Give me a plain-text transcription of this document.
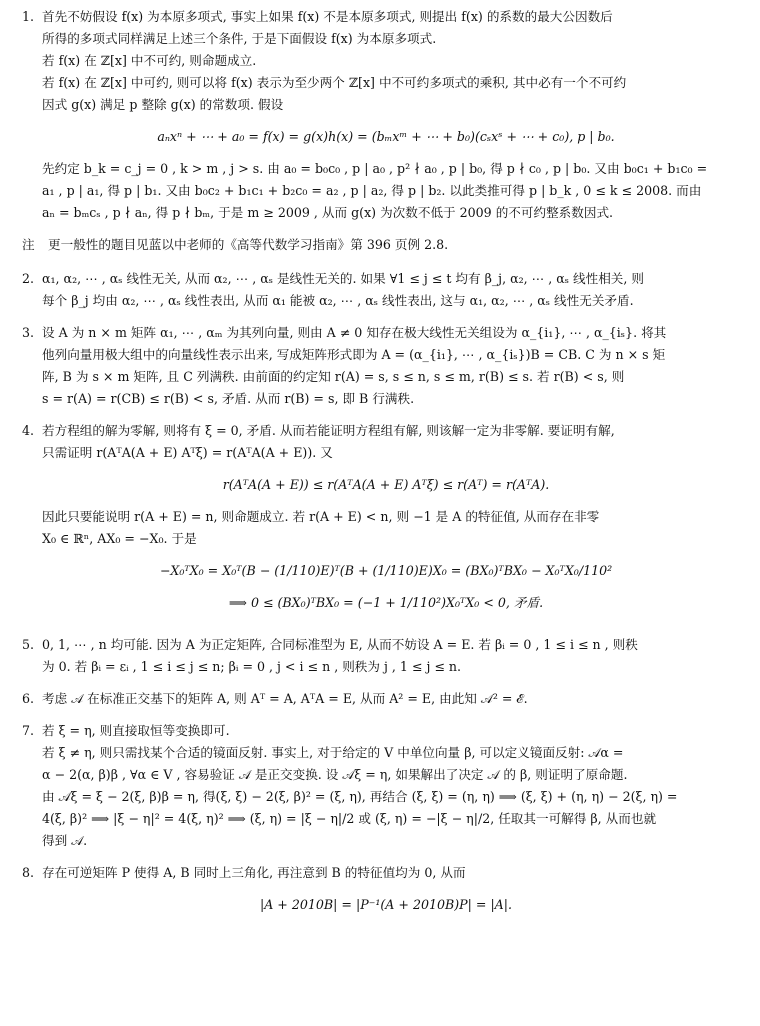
1. 首先不妨假设 f(x) 为本原多项式, 事实上如果 f(x) 不是本原多项式, 则提出 f(x) 的系数的最大公因数后
所得的多项式同样满足上述三个条件, 于是下面假设 f(x) 为本原多项式.
若 f(x) 在 ℤ[x] 中不可约, 则命题成立.
若 f(x) 在 ℤ[x] 中可约, 则可以将 f(x) 表示为至少两个 ℤ[x] 中不可约多项式的乘积, 其中必有一个不可约
因式 g(x) 满足 p 整除 g(x) 的常数项. 假设
aₙxⁿ + ⋯ + a₀ = f(x) = g(x)h(x) = (bₘxᵐ + ⋯ + b₀)(cₛxˢ + ⋯ + c₀), p | b₀.
先约定 b_k = c_j = 0 , k > m , j > s. 由 a₀ = b₀c₀ , p | a₀ , p² ∤ a₀ , p | b₀, 得 p ∤ c₀ , p | b₀. 又由 b₀c₁ + b₁c₀ =
a₁ , p | a₁, 得 p | b₁. 又由 b₀c₂ + b₁c₁ + b₂c₀ = a₂ , p | a₂, 得 p | b₂. 以此类推可得 p | b_k , 0 ≤ k ≤ 2008. 而由
aₙ = bₘcₛ , p ∤ aₙ, 得 p ∤ bₘ, 于是 m ≥ 2009 , 从而 g(x) 为次数不低于 2009 的不可约整系数因式.
注	更一般性的题目见蓝以中老师的《高等代数学习指南》第 396 页例 2.8.
2. α₁, α₂, ⋯ , αₛ 线性无关, 从而 α₂, ⋯ , αₛ 是线性无关的. 如果 ∀1 ≤ j ≤ t 均有 β_j, α₂, ⋯ , αₛ 线性相关, 则
每个 β_j 均由 α₂, ⋯ , αₛ 线性表出, 从而 α₁ 能被 α₂, ⋯ , αₛ 线性表出, 这与 α₁, α₂, ⋯ , αₛ 线性无关矛盾.
3. 设 A 为 n × m 矩阵 α₁, ⋯ , αₘ 为其列向量, 则由 A ≠ 0 知存在极大线性无关组设为 α_{i₁}, ⋯ , α_{iₛ}. 将其
他列向量用极大组中的向量线性表示出来, 写成矩阵形式即为 A = (α_{i₁}, ⋯ , α_{iₛ})B = CB. C 为 n × s 矩
阵, B 为 s × m 矩阵, 且 C 列满秩. 由前面的约定知 r(A) = s, s ≤ n, s ≤ m, r(B) ≤ s. 若 r(B) < s, 则
s = r(A) = r(CB) ≤ r(B) < s, 矛盾. 从而 r(B) = s, 即 B 行满秩.
4. 若方程组的解为零解, 则将有 ξ = 0, 矛盾. 从而若能证明方程组有解, 则该解一定为非零解. 要证明有解,
只需证明 r(AᵀA(A + E) Aᵀξ) = r(AᵀA(A + E)). 又
r(AᵀA(A + E)) ≤ r(AᵀA(A + E) Aᵀξ) ≤ r(Aᵀ) = r(AᵀA).
因此只要能说明 r(A + E) = n, 则命题成立. 若 r(A + E) < n, 则 −1 是 A 的特征值, 从而存在非零
X₀ ∈ ℝⁿ, AX₀ = −X₀. 于是
−X₀ᵀX₀ = X₀ᵀ(B − (1/110)E)ᵀ(B + (1/110)E)X₀ = (BX₀)ᵀBX₀ − X₀ᵀX₀/110²
⟹ 0 ≤ (BX₀)ᵀBX₀ = (−1 + 1/110²)X₀ᵀX₀ < 0, 矛盾.
5. 0, 1, ⋯ , n 均可能. 因为 A 为正定矩阵, 合同标准型为 E, 从而不妨设 A = E. 若 βᵢ = 0 , 1 ≤ i ≤ n , 则秩
为 0. 若 βᵢ = εᵢ , 1 ≤ i ≤ j ≤ n; βᵢ = 0 , j < i ≤ n , 则秩为 j , 1 ≤ j ≤ n.
6. 考虑 𝒜 在标准正交基下的矩阵 A, 则 Aᵀ = A, AᵀA = E, 从而 A² = E, 由此知 𝒜² = ℰ.
7. 若 ξ = η, 则直接取恒等变换即可.
若 ξ ≠ η, 则只需找某个合适的镜面反射. 事实上, 对于给定的 V 中单位向量 β, 可以定义镜面反射: 𝒜α =
α − 2(α, β)β , ∀α ∈ V , 容易验证 𝒜 是正交变换. 设 𝒜ξ = η, 如果解出了决定 𝒜 的 β, 则证明了原命题.
由 𝒜ξ = ξ − 2(ξ, β)β = η, 得(ξ, ξ) − 2(ξ, β)² = (ξ, η), 再结合 (ξ, ξ) = (η, η) ⟹ (ξ, ξ) + (η, η) − 2(ξ, η) =
4(ξ, β)² ⟹ |ξ − η|² = 4(ξ, η)² ⟹ (ξ, η) = |ξ − η|/2 或 (ξ, η) = −|ξ − η|/2, 任取其一可解得 β, 从而也就
得到 𝒜.
8. 存在可逆矩阵 P 使得 A, B 同时上三角化, 再注意到 B 的特征值均为 0, 从而
|A + 2010B| = |P⁻¹(A + 2010B)P| = |A|.
